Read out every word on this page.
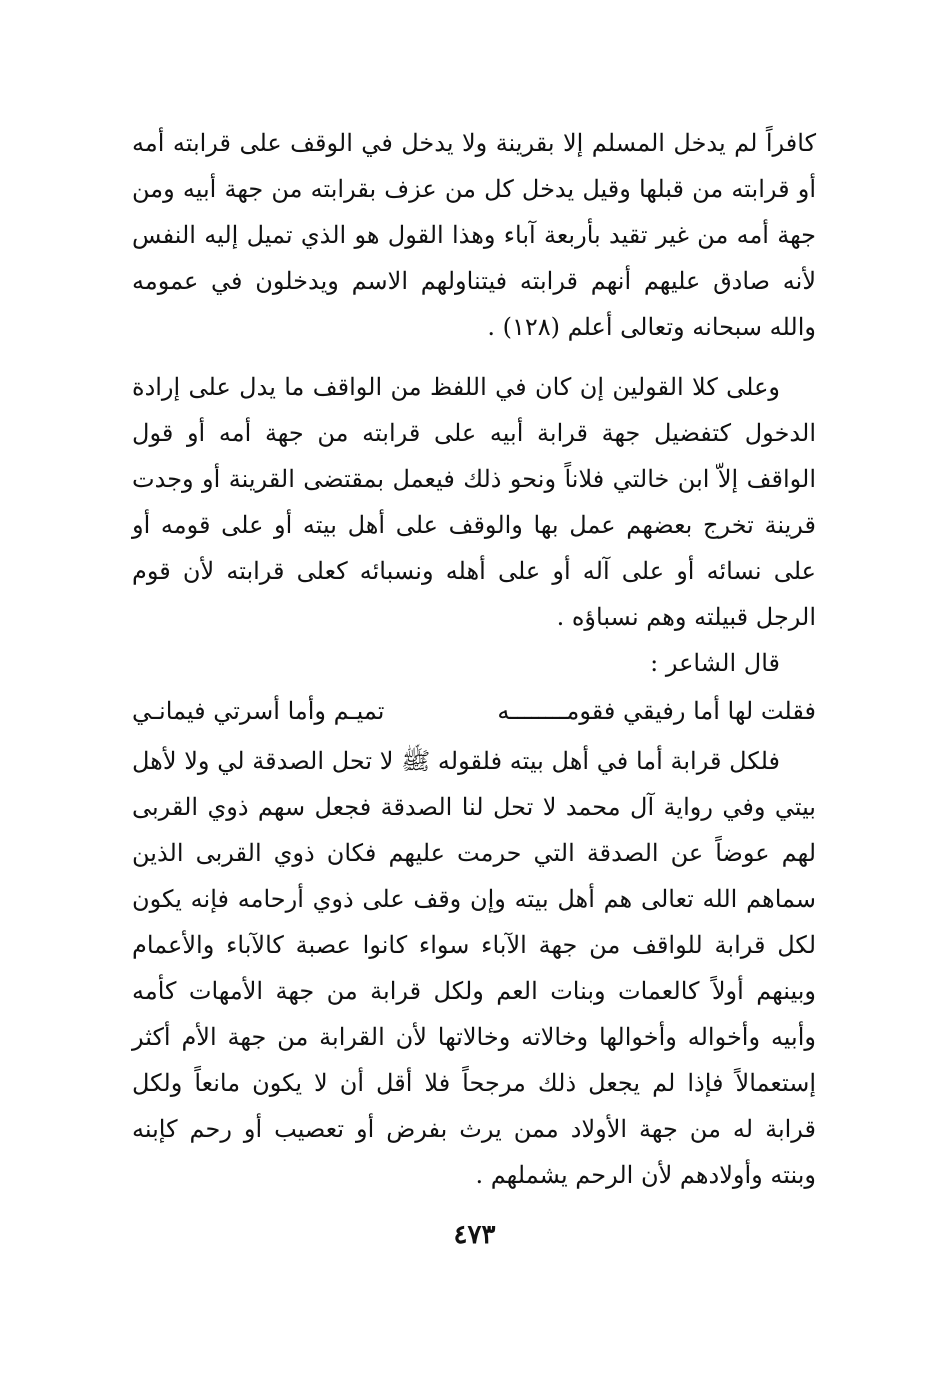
كافراً لم يدخل المسلم إلا بقرينة ولا يدخل في الوقف على قرابته أمه أو قرابته من قبلها وقيل يدخل كل من عزف بقرابته من جهة أبيه ومن جهة أمه من غير تقيد بأربعة آباء وهذا القول هو الذي تميل إليه النفس لأنه صادق عليهم أنهم قرابته فيتناولهم الاسم ويدخلون في عمومه والله سبحانه وتعالى أعلم (١٢٨) .

وعلى كلا القولين إن كان في اللفظ من الواقف ما يدل على إرادة الدخول كتفضيل جهة قرابة أبيه على قرابته من جهة أمه أو قول الواقف إلاّ ابن خالتي فلاناً ونحو ذلك فيعمل بمقتضى القرينة أو وجدت قرينة تخرج بعضهم عمل بها والوقف على أهل بيته أو على قومه أو على نسائه أو على آله أو على أهله ونسبائه كعلى قرابته لأن قوم الرجل قبيلته وهم نسباؤه .

قال الشاعر :

فقلت لها أما رفيقي فقومــــــــه
تميـم وأما أسرتي فيمانـي

فلكل قرابة أما في أهل بيته فلقوله ﷺ لا تحل الصدقة لي ولا لأهل بيتي وفي رواية آل محمد لا تحل لنا الصدقة فجعل سهم ذوي القربى لهم عوضاً عن الصدقة التي حرمت عليهم فكان ذوي القربى الذين سماهم الله تعالى هم أهل بيته وإن وقف على ذوي أرحامه فإنه يكون لكل قرابة للواقف من جهة الآباء سواء كانوا عصبة كالآباء والأعمام وبينهم أولاً كالعمات وبنات العم ولكل قرابة من جهة الأمهات كأمه وأبيه وأخواله وأخوالها وخالاته وخالاتها لأن القرابة من جهة الأم أكثر إستعمالاً فإذا لم يجعل ذلك مرجحاً فلا أقل أن لا يكون مانعاً ولكل قرابة له من جهة الأولاد ممن يرث بفرض أو تعصيب أو رحم كإبنه وبنته وأولادهم لأن الرحم يشملهم .

٤٧٣
